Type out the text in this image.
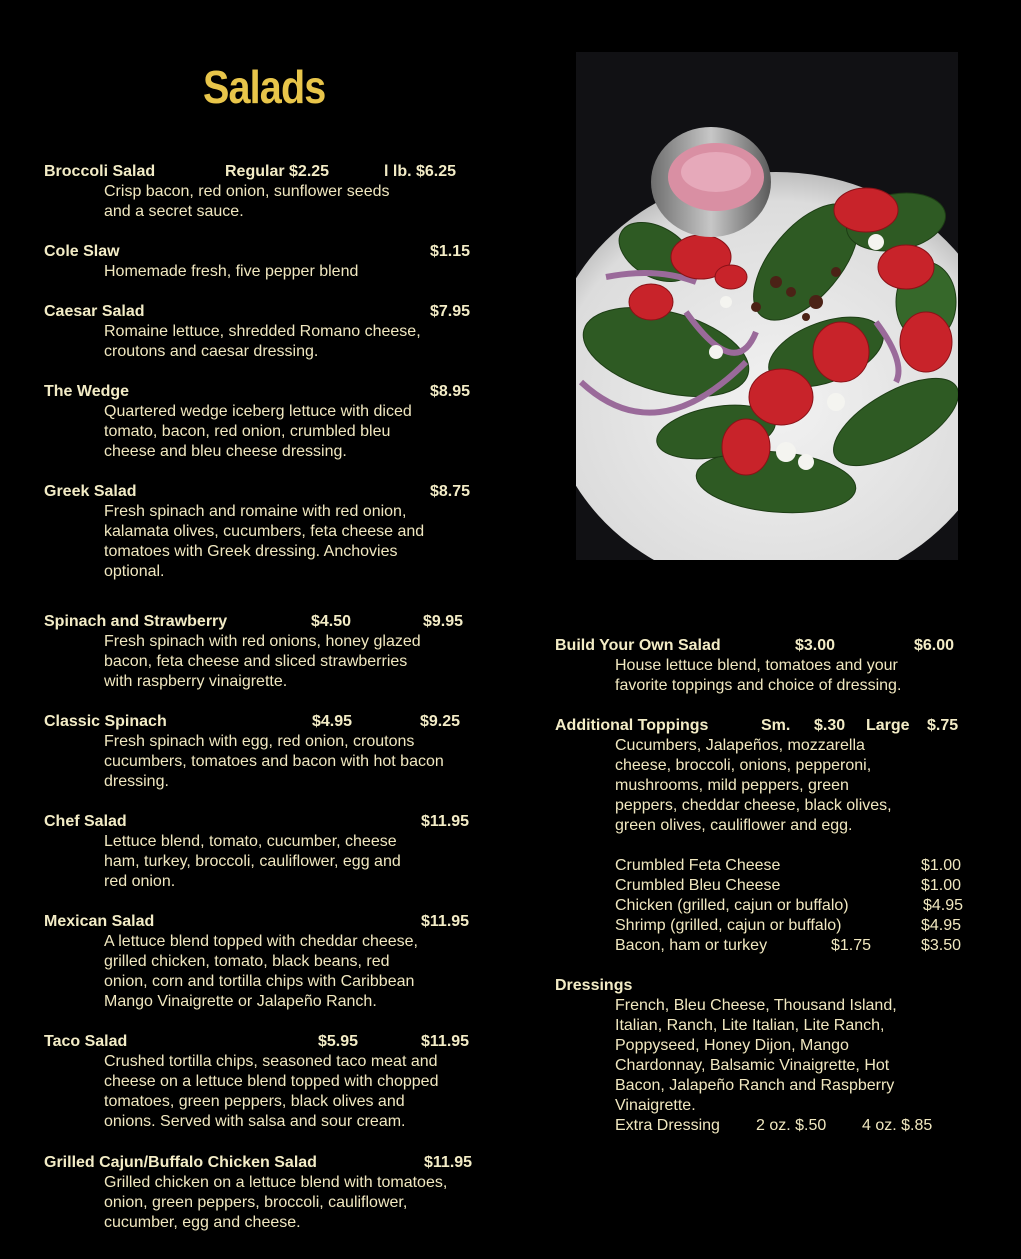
Salads
Broccoli Salad	Regular $2.25	l lb. $6.25
Crisp bacon, red onion, sunflower seeds
and a secret sauce.
Cole Slaw	$1.15
Homemade fresh, five pepper blend
Caesar Salad	$7.95
Romaine lettuce, shredded Romano cheese,
croutons and caesar dressing.
The Wedge	$8.95
Quartered wedge iceberg lettuce with diced
tomato, bacon, red onion, crumbled bleu
cheese and bleu cheese dressing.
Greek Salad	$8.75
Fresh spinach and romaine with red onion,
kalamata olives, cucumbers, feta cheese and
tomatoes with Greek dressing. Anchovies
optional.
Spinach and Strawberry	$4.50	$9.95
Fresh spinach with red onions, honey glazed
bacon, feta cheese and sliced strawberries
with raspberry vinaigrette.
Classic Spinach	$4.95	$9.25
Fresh spinach with egg, red onion, croutons
cucumbers, tomatoes and bacon with hot bacon
dressing.
Chef Salad	$11.95
Lettuce blend, tomato, cucumber, cheese
ham, turkey, broccoli, cauliflower, egg and
red onion.
Mexican Salad	$11.95
A lettuce blend topped with cheddar cheese,
grilled chicken, tomato, black beans, red
onion, corn and tortilla chips with Caribbean
Mango Vinaigrette or Jalapeño Ranch.
Taco Salad	$5.95	$11.95
Crushed tortilla chips, seasoned taco meat and
cheese on a lettuce blend topped with chopped
tomatoes, green peppers, black olives and
onions. Served with salsa and sour cream.
Grilled Cajun/Buffalo Chicken Salad	$11.95
Grilled chicken on a lettuce blend with tomatoes,
onion, green peppers, broccoli, cauliflower,
cucumber, egg and cheese.
Build Your Own Salad	$3.00	$6.00
House lettuce blend, tomatoes and your
favorite toppings and choice of dressing.
Additional Toppings	Sm. $.30 Large $.75
Cucumbers, Jalapeños, mozzarella
cheese, broccoli, onions, pepperoni,
mushrooms, mild peppers, green
peppers, cheddar cheese, black olives,
green olives, cauliflower and egg.
Crumbled Feta Cheese	$1.00
Crumbled Bleu Cheese	$1.00
Chicken (grilled, cajun or buffalo)	$4.95
Shrimp (grilled, cajun or buffalo)	$4.95
Bacon, ham or turkey	$1.75	$3.50
Dressings
French, Bleu Cheese, Thousand Island,
Italian, Ranch, Lite Italian, Lite Ranch,
Poppyseed, Honey Dijon, Mango
Chardonnay, Balsamic Vinaigrette, Hot
Bacon, Jalapeño Ranch and Raspberry
Vinaigrette.
Extra Dressing 2 oz. $.50 4 oz. $.85
